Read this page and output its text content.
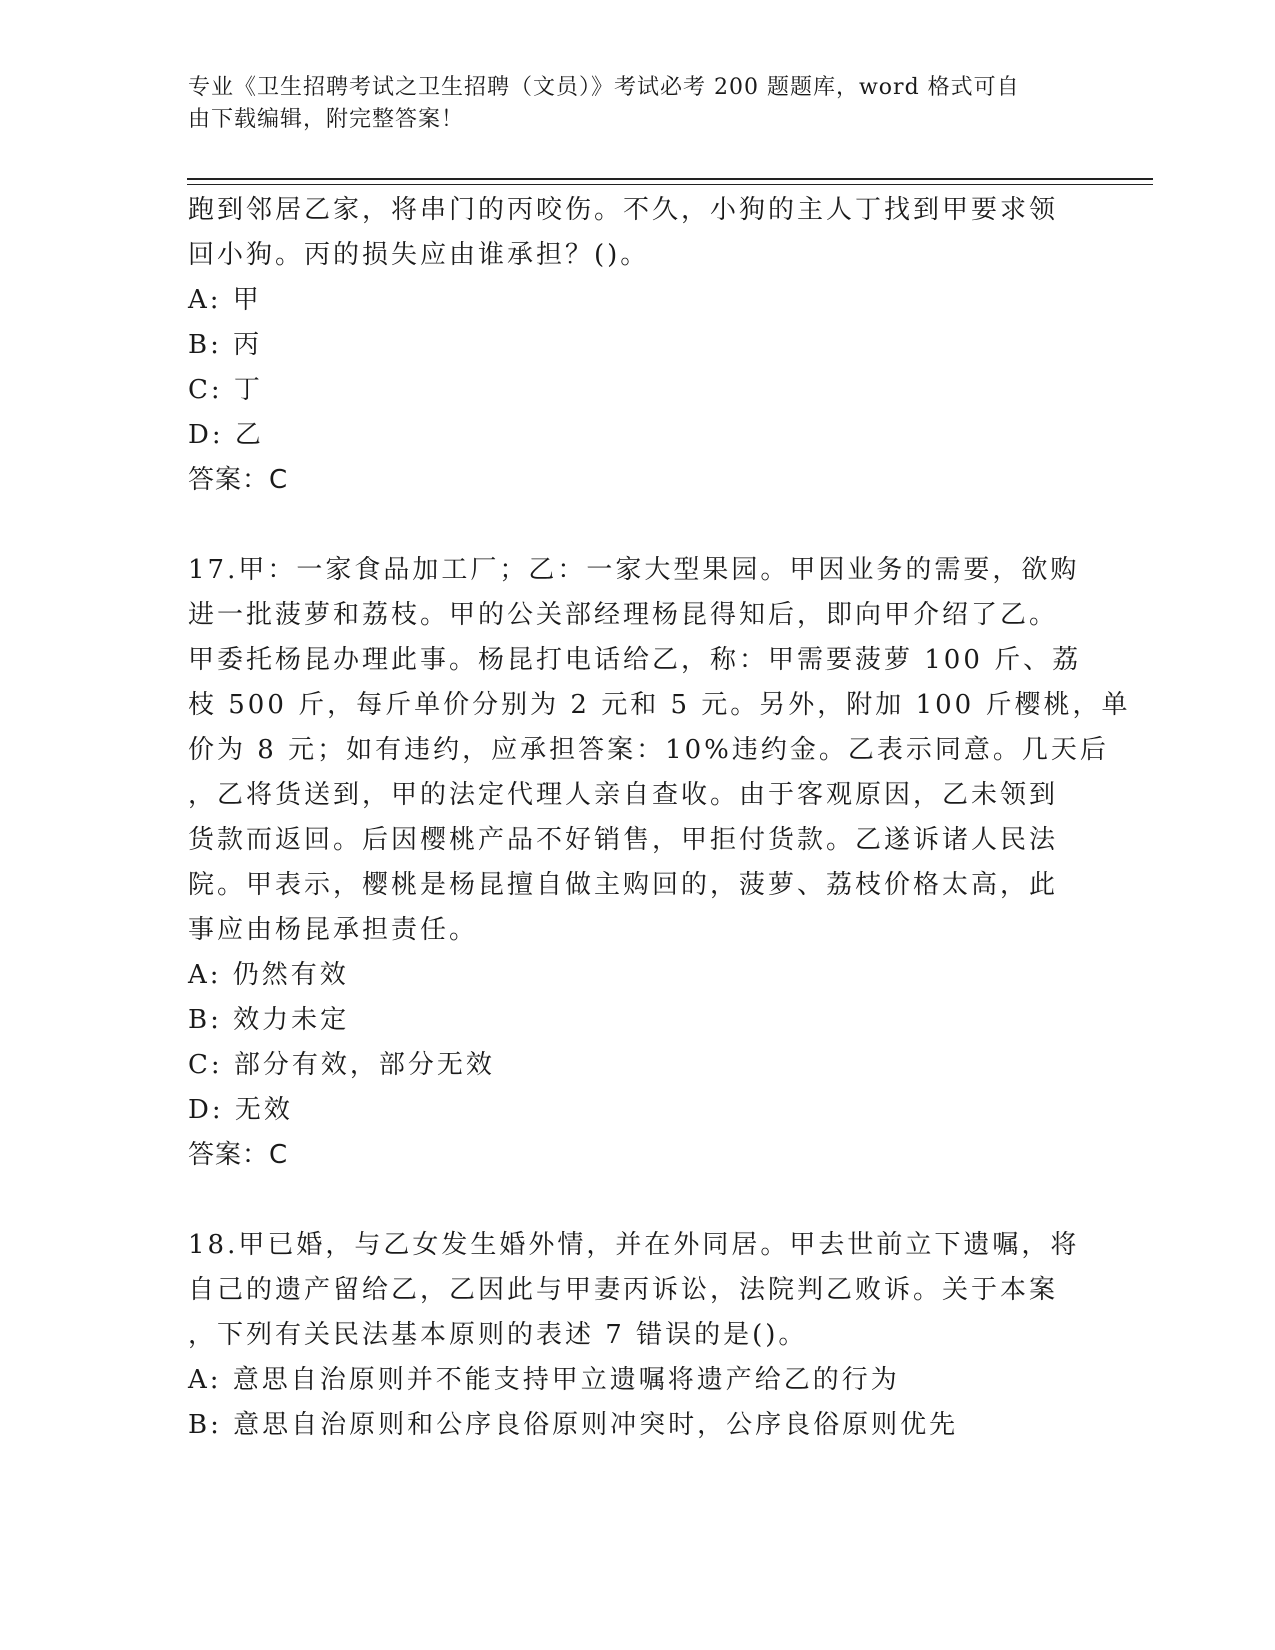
专业《卫生招聘考试之卫生招聘（文员）》考试必考 200 题题库，word 格式可自
由下载编辑，附完整答案！
跑到邻居乙家，将串门的丙咬伤。不久，小狗的主人丁找到甲要求领
回小狗。丙的损失应由谁承担？()。
A: 甲
B: 丙
C: 丁
D: 乙
答案：C
17.甲：一家食品加工厂；乙：一家大型果园。甲因业务的需要，欲购
进一批菠萝和荔枝。甲的公关部经理杨昆得知后，即向甲介绍了乙。
甲委托杨昆办理此事。杨昆打电话给乙，称：甲需要菠萝 100 斤、荔
枝 500 斤，每斤单价分别为 2 元和 5 元。另外，附加 100 斤樱桃，单
价为 8 元；如有违约，应承担答案：10%违约金。乙表示同意。几天后
，乙将货送到，甲的法定代理人亲自查收。由于客观原因，乙未领到
货款而返回。后因樱桃产品不好销售，甲拒付货款。乙遂诉诸人民法
院。甲表示，樱桃是杨昆擅自做主购回的，菠萝、荔枝价格太高，此
事应由杨昆承担责任。
A: 仍然有效
B: 效力未定
C: 部分有效，部分无效
D: 无效
答案：C
18.甲已婚，与乙女发生婚外情，并在外同居。甲去世前立下遗嘱，将
自己的遗产留给乙，乙因此与甲妻丙诉讼，法院判乙败诉。关于本案
，下列有关民法基本原则的表述 7 错误的是()。
A: 意思自治原则并不能支持甲立遗嘱将遗产给乙的行为
B: 意思自治原则和公序良俗原则冲突时，公序良俗原则优先
